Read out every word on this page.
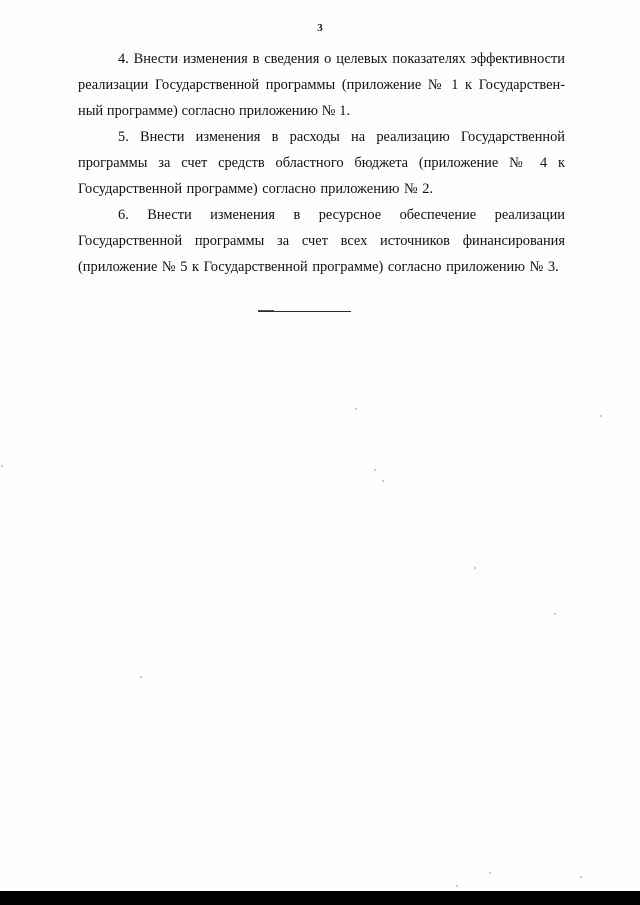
3

4. Внести изменения в сведения о целевых показателях эффективности реализации Государственной программы (приложение № 1 к Государствен-ный программе) согласно приложению № 1.

5. Внести изменения в расходы на реализацию Государственной программы за счет средств областного бюджета (приложение № 4 к Государственной программе) согласно приложению № 2.

6. Внести изменения в ресурсное обеспечение реализации Государственной программы за счет всех источников финансирования (приложение № 5 к Государственной программе) согласно приложению № 3.
